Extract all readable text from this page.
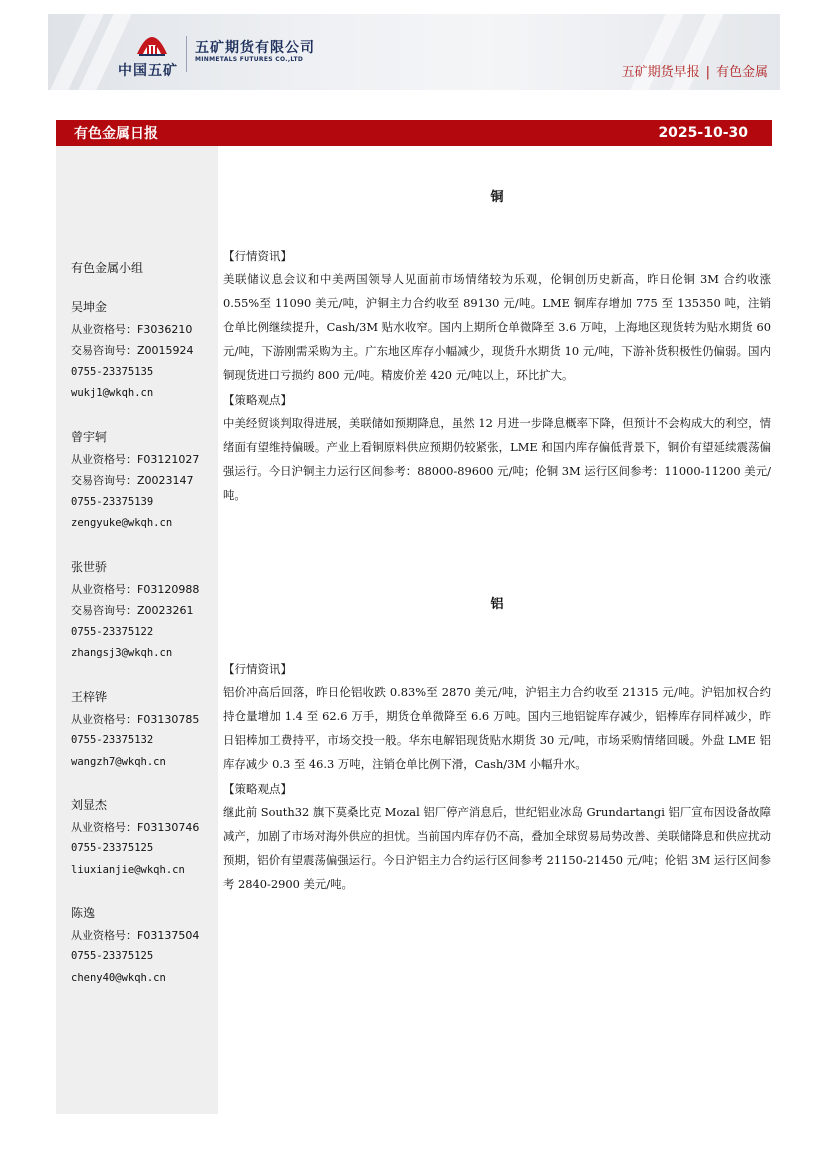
中国五矿
五矿期货有限公司
MINMETALS FUTURES CO.,LTD
五矿期货早报 | 有色金属
有色金属日报	2025-10-30
有色金属小组
吴坤金
从业资格号：F3036210
交易咨询号：Z0015924
0755-23375135
wukj1@wkqh.cn
曾宇轲
从业资格号：F03121027
交易咨询号：Z0023147
0755-23375139
zengyuke@wkqh.cn
张世骄
从业资格号：F03120988
交易咨询号：Z0023261
0755-23375122
zhangsj3@wkqh.cn
王梓铧
从业资格号：F03130785
0755-23375132
wangzh7@wkqh.cn
刘显杰
从业资格号：F03130746
0755-23375125
liuxianjie@wkqh.cn
陈逸
从业资格号：F03137504
0755-23375125
cheny40@wkqh.cn
铜
【行情资讯】

美联储议息会议和中美两国领导人见面前市场情绪较为乐观，伦铜创历史新高，昨日伦铜 3M 合约收涨 0.55%至 11090 美元/吨，沪铜主力合约收至 89130 元/吨。LME 铜库存增加 775 至 135350 吨，注销仓单比例继续提升，Cash/3M 贴水收窄。国内上期所仓单微降至 3.6 万吨，上海地区现货转为贴水期货 60 元/吨，下游刚需采购为主。广东地区库存小幅减少，现货升水期货 10 元/吨，下游补货积极性仍偏弱。国内铜现货进口亏损约 800 元/吨。精废价差 420 元/吨以上，环比扩大。

【策略观点】

中美经贸谈判取得进展，美联储如预期降息，虽然 12 月进一步降息概率下降，但预计不会构成大的利空，情绪面有望维持偏暖。产业上看铜原料供应预期仍较紧张，LME 和国内库存偏低背景下，铜价有望延续震荡偏强运行。今日沪铜主力运行区间参考：88000-89600 元/吨；伦铜 3M 运行区间参考：11000-11200 美元/吨。

铝
【行情资讯】

铝价冲高后回落，昨日伦铝收跌 0.83%至 2870 美元/吨，沪铝主力合约收至 21315 元/吨。沪铝加权合约持仓量增加 1.4 至 62.6 万手，期货仓单微降至 6.6 万吨。国内三地铝锭库存减少，铝棒库存同样减少，昨日铝棒加工费持平，市场交投一般。华东电解铝现货贴水期货 30 元/吨，市场采购情绪回暖。外盘 LME 铝库存减少 0.3 至 46.3 万吨，注销仓单比例下滑，Cash/3M 小幅升水。

【策略观点】

继此前 South32 旗下莫桑比克 Mozal 铝厂停产消息后，世纪铝业冰岛 Grundartangi 铝厂宣布因设备故障减产，加剧了市场对海外供应的担忧。当前国内库存仍不高，叠加全球贸易局势改善、美联储降息和供应扰动预期，铝价有望震荡偏强运行。今日沪铝主力合约运行区间参考 21150-21450 元/吨；伦铝 3M 运行区间参考 2840-2900 美元/吨。
